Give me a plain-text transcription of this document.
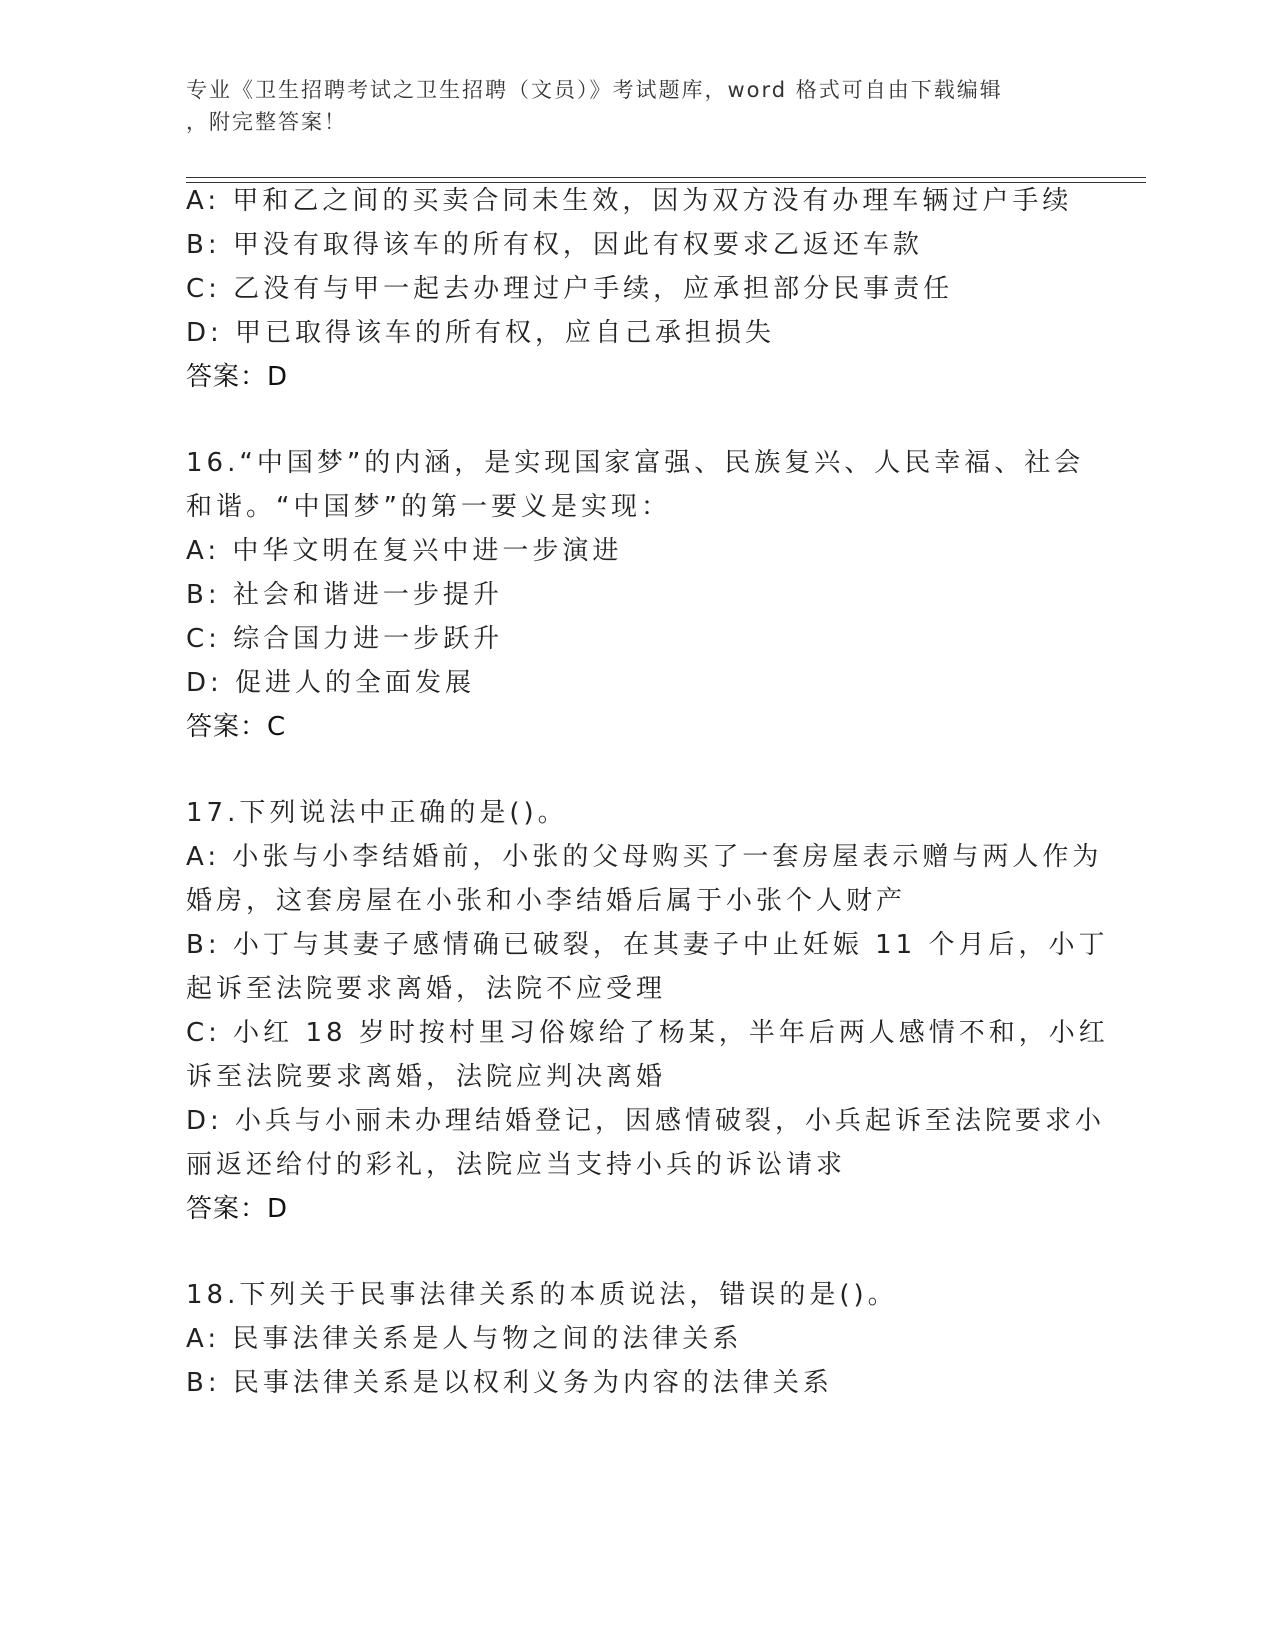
专业《卫生招聘考试之卫生招聘（文员）》考试题库，word 格式可自由下载编辑
，附完整答案！
A: 甲和乙之间的买卖合同未生效，因为双方没有办理车辆过户手续
B: 甲没有取得该车的所有权，因此有权要求乙返还车款
C: 乙没有与甲一起去办理过户手续，应承担部分民事责任
D: 甲已取得该车的所有权，应自己承担损失
答案：D
16.“中国梦”的内涵，是实现国家富强、民族复兴、人民幸福、社会
和谐。“中国梦”的第一要义是实现：
A: 中华文明在复兴中进一步演进
B: 社会和谐进一步提升
C: 综合国力进一步跃升
D: 促进人的全面发展
答案：C
17.下列说法中正确的是()。
A: 小张与小李结婚前，小张的父母购买了一套房屋表示赠与两人作为
婚房，这套房屋在小张和小李结婚后属于小张个人财产
B: 小丁与其妻子感情确已破裂，在其妻子中止妊娠 11 个月后，小丁
起诉至法院要求离婚，法院不应受理
C: 小红 18 岁时按村里习俗嫁给了杨某，半年后两人感情不和，小红
诉至法院要求离婚，法院应判决离婚
D: 小兵与小丽未办理结婚登记，因感情破裂，小兵起诉至法院要求小
丽返还给付的彩礼，法院应当支持小兵的诉讼请求
答案：D
18.下列关于民事法律关系的本质说法，错误的是()。
A: 民事法律关系是人与物之间的法律关系
B: 民事法律关系是以权利义务为内容的法律关系
